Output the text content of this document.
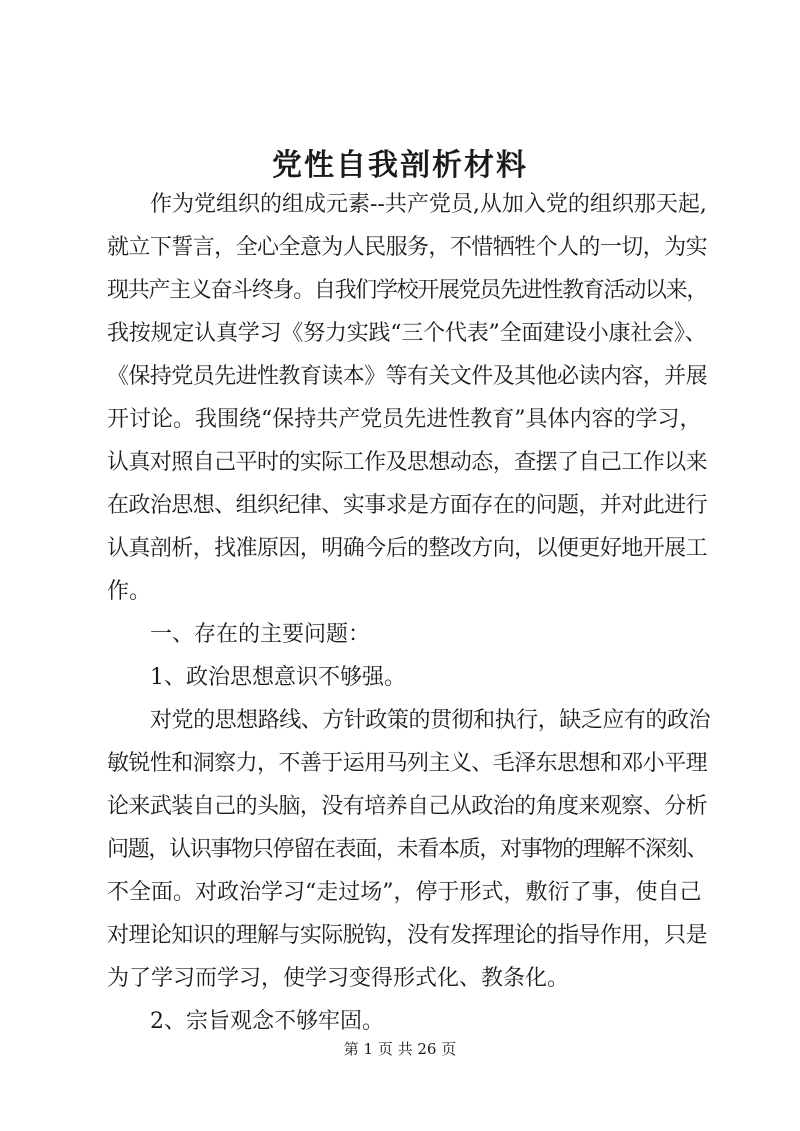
党性自我剖析材料
作为党组织的组成元素--共产党员,从加入党的组织那天起,
就立下誓言，全心全意为人民服务，不惜牺牲个人的一切，为实
现共产主义奋斗终身。自我们学校开展党员先进性教育活动以来，
我按规定认真学习《努力实践“三个代表”全面建设小康社会》、
《保持党员先进性教育读本》等有关文件及其他必读内容，并展
开讨论。我围绕“保持共产党员先进性教育”具体内容的学习，
认真对照自己平时的实际工作及思想动态，查摆了自己工作以来
在政治思想、组织纪律、实事求是方面存在的问题，并对此进行
认真剖析，找准原因，明确今后的整改方向，以便更好地开展工
作。
一、存在的主要问题：
1、政治思想意识不够强。
对党的思想路线、方针政策的贯彻和执行，缺乏应有的政治
敏锐性和洞察力，不善于运用马列主义、毛泽东思想和邓小平理
论来武装自己的头脑，没有培养自己从政治的角度来观察、分析
问题，认识事物只停留在表面，未看本质，对事物的理解不深刻、
不全面。对政治学习“走过场”，停于形式，敷衍了事，使自己
对理论知识的理解与实际脱钩，没有发挥理论的指导作用，只是
为了学习而学习，使学习变得形式化、教条化。
2、宗旨观念不够牢固。
第 1 页 共 26 页
